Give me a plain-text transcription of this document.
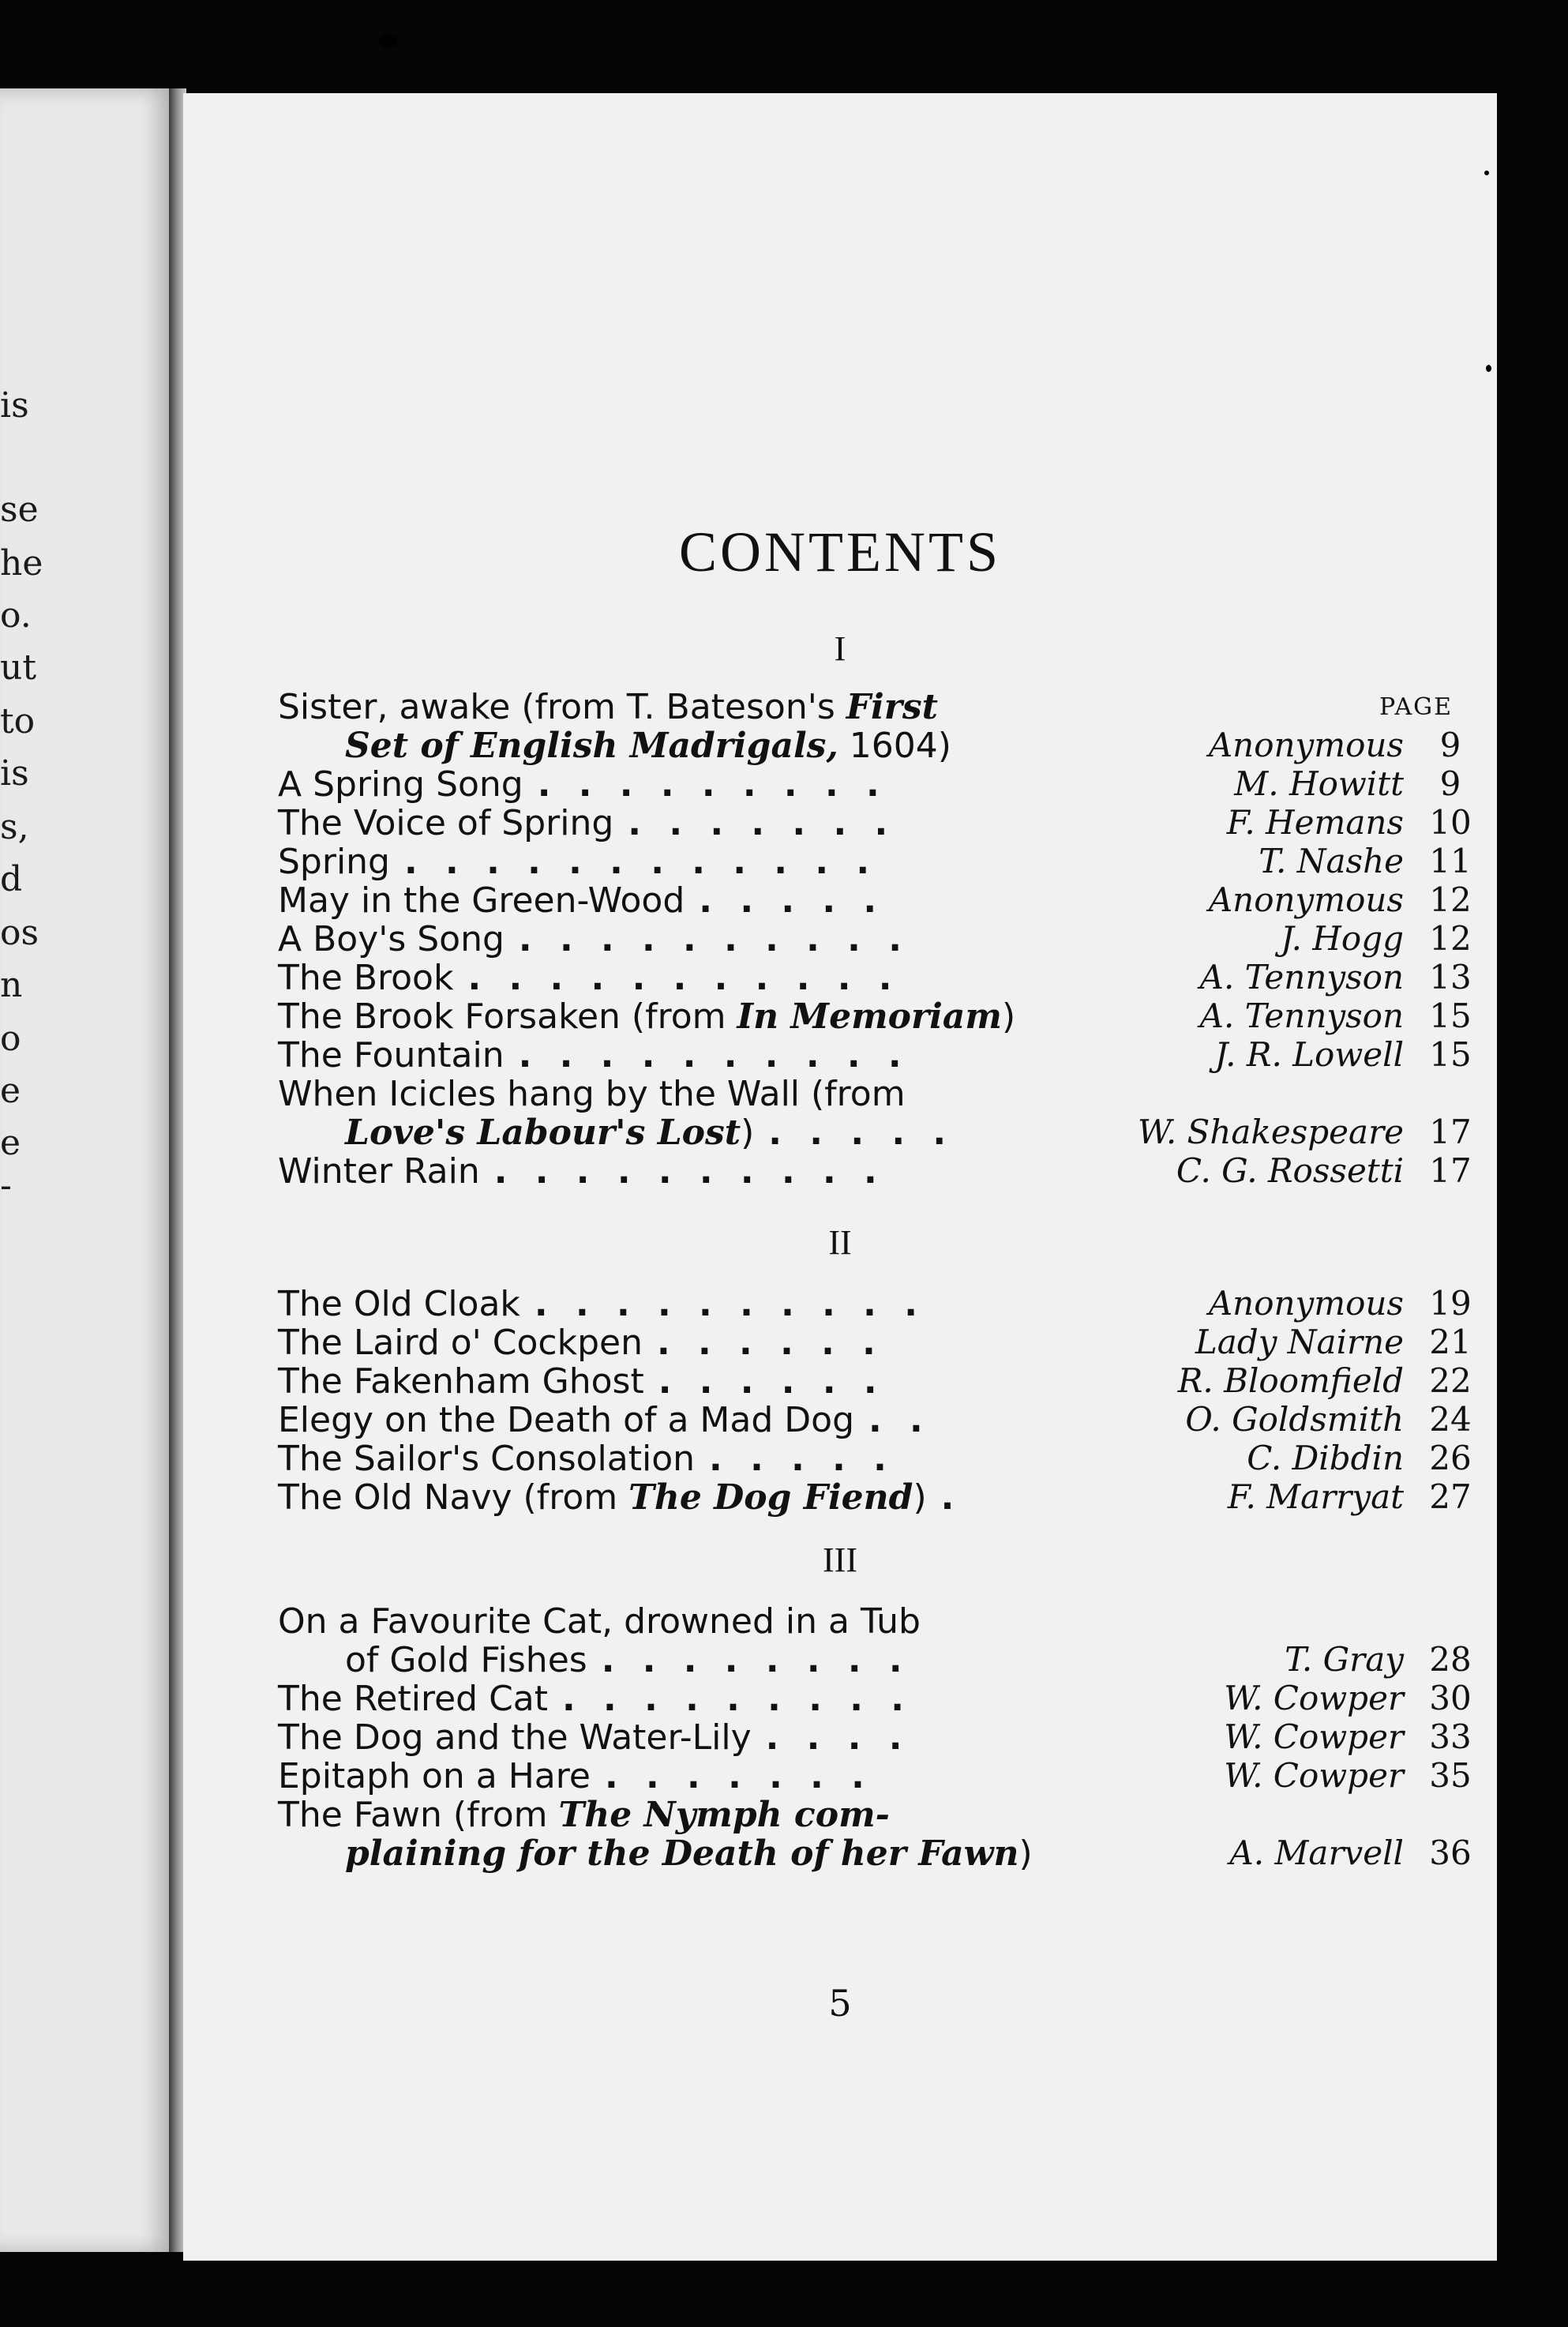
is
se
he
o.
ut
to
is
s,
d
os
n
o
e
e
-
CONTENTS
I
PAGE
Sister, awake (from T. Bateson's First
Set of English Madrigals, 1604)	Anonymous	9
A Spring Song . . . . . . . . .	M. Howitt	9
The Voice of Spring . . . . . . .	F. Hemans 10
Spring . . . . . . . . . . . .	T. Nashe 11
May in the Green-Wood . . . . .	Anonymous 12
A Boy's Song . . . . . . . . . .	J. Hogg 12
The Brook . . . . . . . . . . .	A. Tennyson 13
The Brook Forsaken (from In Memoriam)	A. Tennyson 15
The Fountain . . . . . . . . . .	J. R. Lowell 15
When Icicles hang by the Wall (from
Love's Labour's Lost) . . . . .	W. Shakespeare 17
Winter Rain . . . . . . . . . .	C. G. Rossetti 17
II
The Old Cloak . . . . . . . . . .	Anonymous 19
The Laird o' Cockpen . . . . . .	Lady Nairne 21
The Fakenham Ghost . . . . . .	R. Bloomfield 22
Elegy on the Death of a Mad Dog . .	O. Goldsmith 24
The Sailor's Consolation . . . . .	C. Dibdin 26
The Old Navy (from The Dog Fiend) .	F. Marryat 27
III
On a Favourite Cat, drowned in a Tub
of Gold Fishes . . . . . . . .	T. Gray 28
The Retired Cat . . . . . . . . .	W. Cowper 30
The Dog and the Water-Lily . . . .	W. Cowper 33
Epitaph on a Hare . . . . . . .	W. Cowper 35
The Fawn (from The Nymph com-
plaining for the Death of her Fawn)	A. Marvell 36
5
